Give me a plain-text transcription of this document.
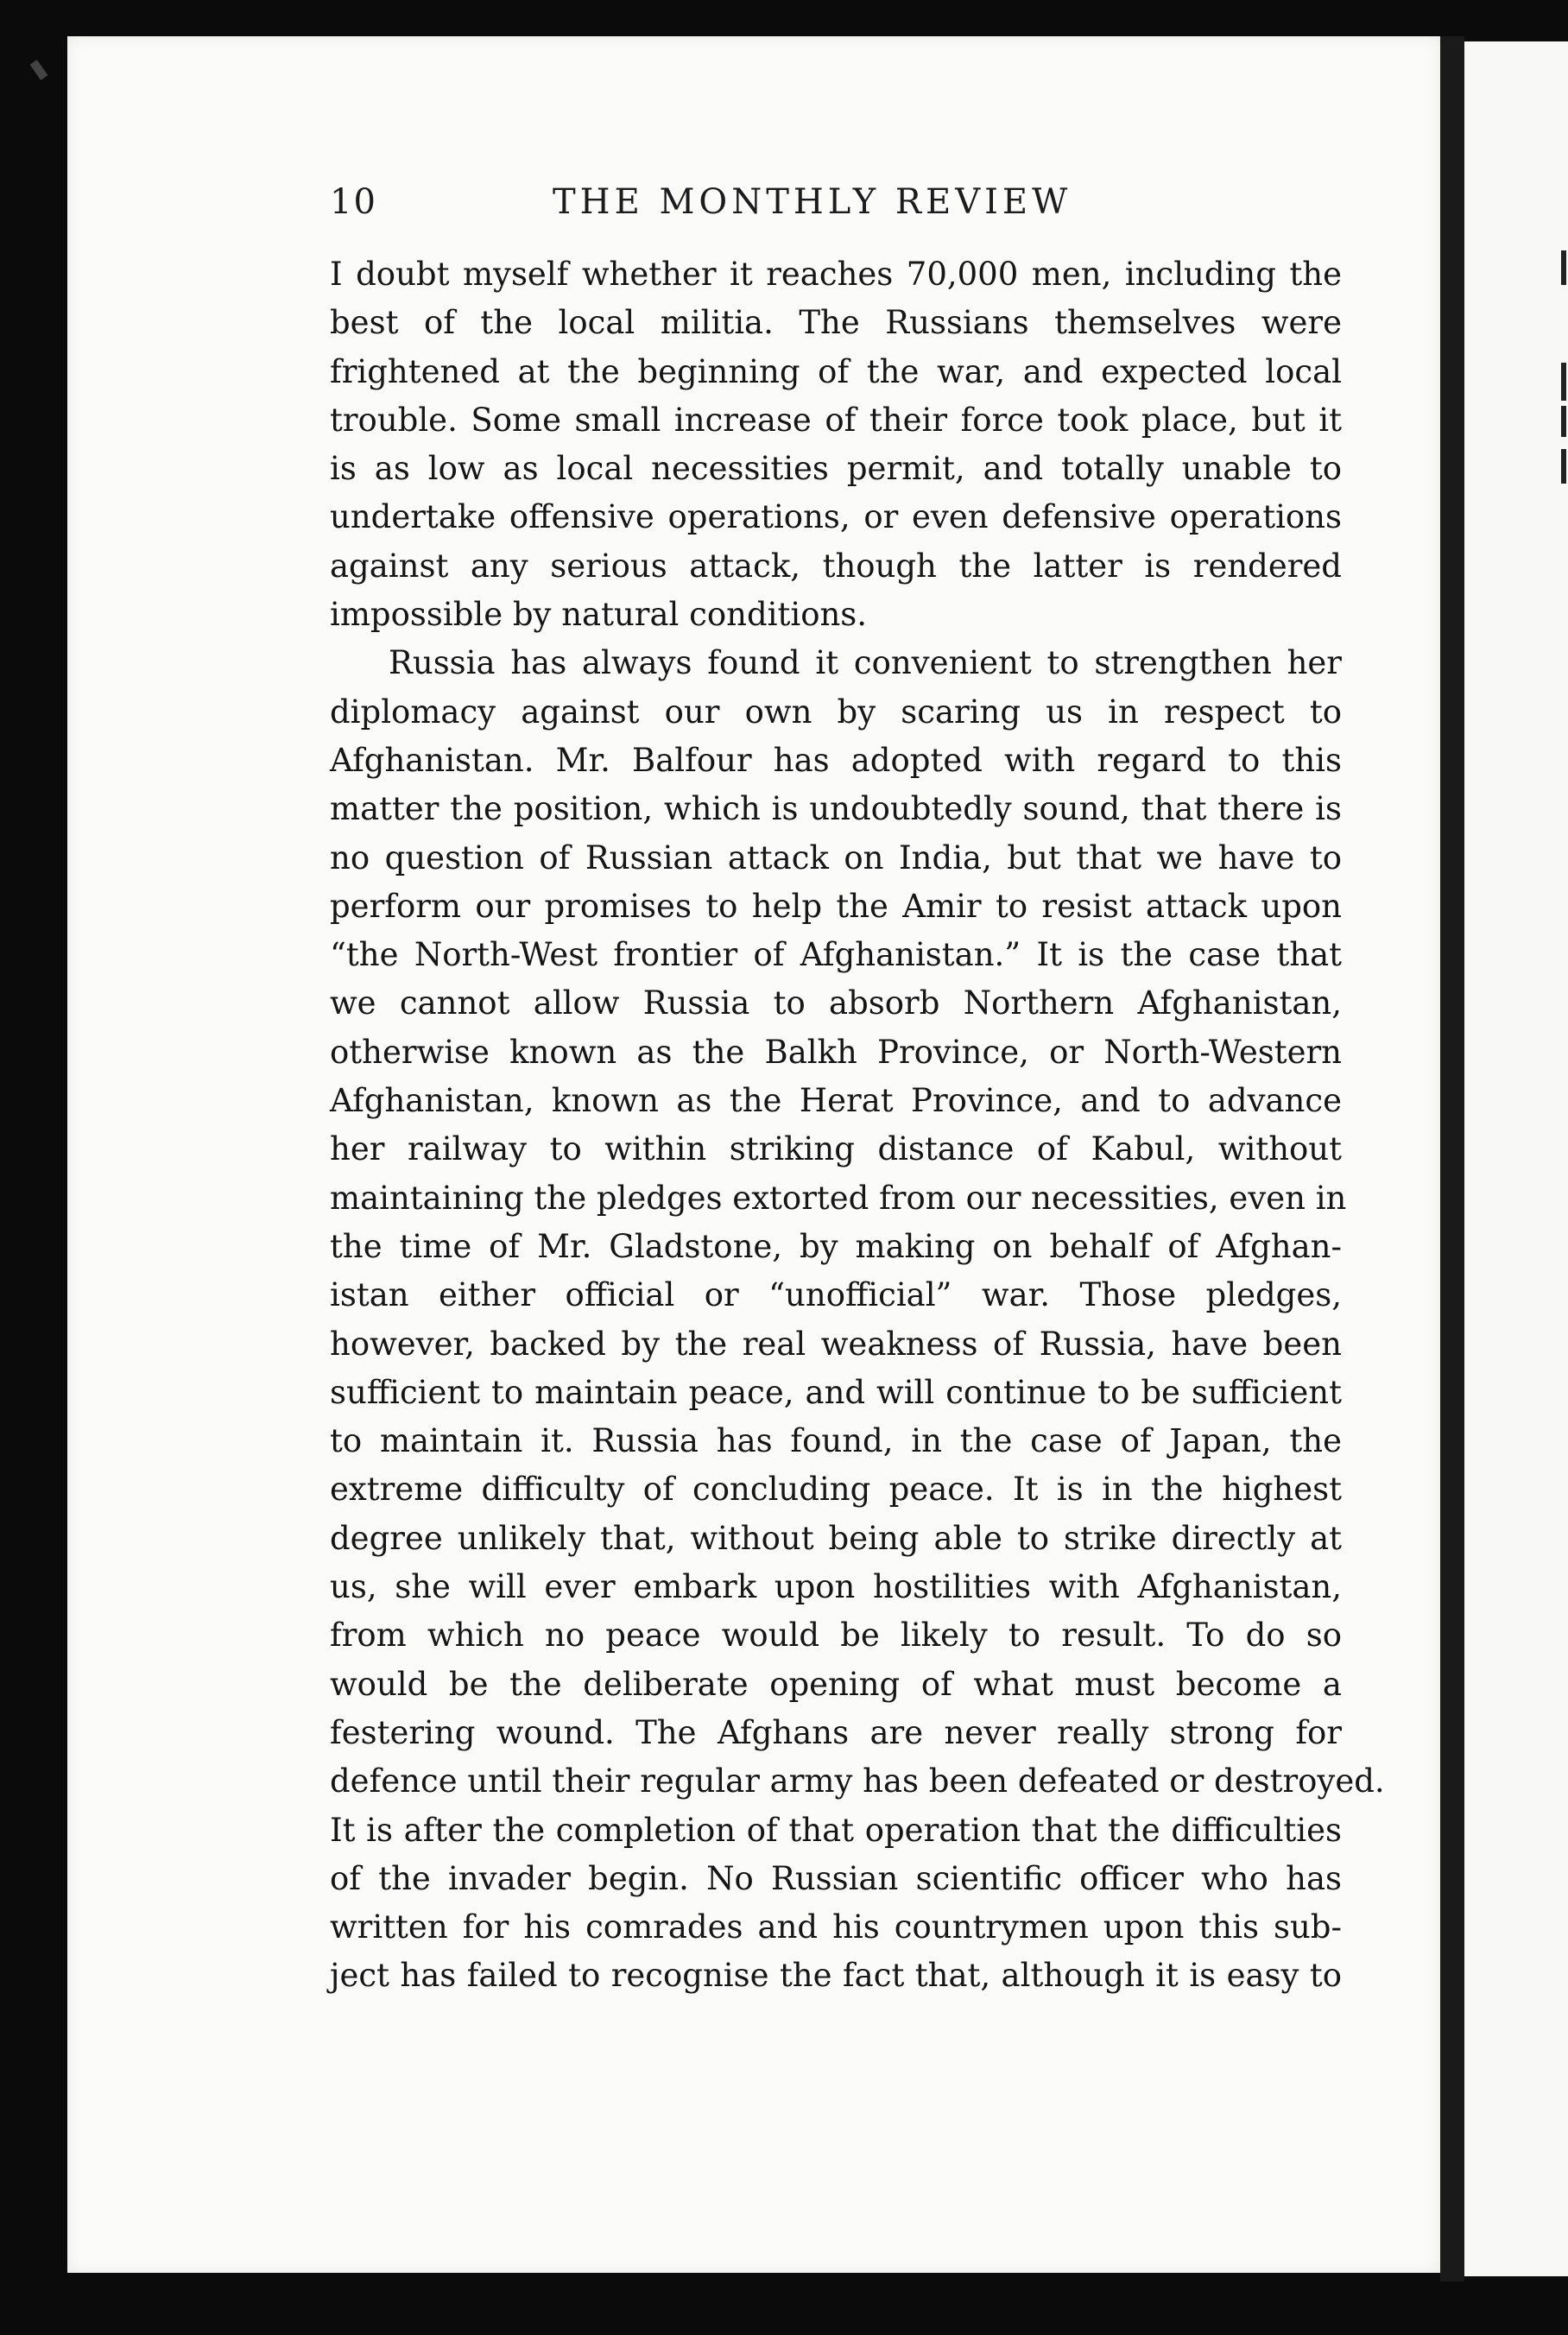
10	THE MONTHLY REVIEW
I doubt myself whether it reaches 70,000 men, including the
best of the local militia. The Russians themselves were
frightened at the beginning of the war, and expected local
trouble. Some small increase of their force took place, but it
is as low as local necessities permit, and totally unable to
undertake offensive operations, or even defensive operations
against any serious attack, though the latter is rendered
impossible by natural conditions.
Russia has always found it convenient to strengthen her
diplomacy against our own by scaring us in respect to
Afghanistan. Mr. Balfour has adopted with regard to this
matter the position, which is undoubtedly sound, that there is
no question of Russian attack on India, but that we have to
perform our promises to help the Amir to resist attack upon
“the North-West frontier of Afghanistan.” It is the case that
we cannot allow Russia to absorb Northern Afghanistan,
otherwise known as the Balkh Province, or North-Western
Afghanistan, known as the Herat Province, and to advance
her railway to within striking distance of Kabul, without
maintaining the pledges extorted from our necessities, even in
the time of Mr. Gladstone, by making on behalf of Afghan-
istan either official or “unofficial” war. Those pledges,
however, backed by the real weakness of Russia, have been
sufficient to maintain peace, and will continue to be sufficient
to maintain it. Russia has found, in the case of Japan, the
extreme difficulty of concluding peace. It is in the highest
degree unlikely that, without being able to strike directly at
us, she will ever embark upon hostilities with Afghanistan,
from which no peace would be likely to result. To do so
would be the deliberate opening of what must become a
festering wound. The Afghans are never really strong for
defence until their regular army has been defeated or destroyed.
It is after the completion of that operation that the difficulties
of the invader begin. No Russian scientific officer who has
written for his comrades and his countrymen upon this sub-
ject has failed to recognise the fact that, although it is easy to
